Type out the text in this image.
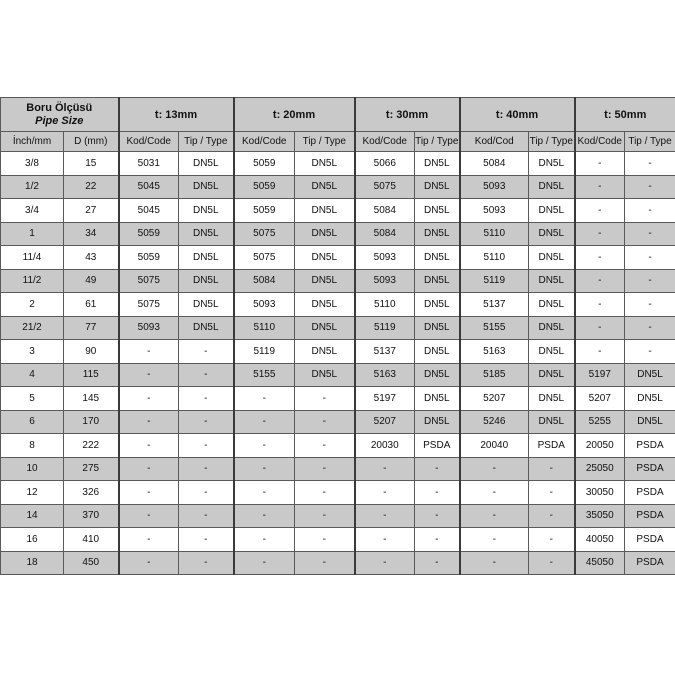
Boru Ölçüsü
Pipe Size		t: 13mm		t: 20mm		t: 30mm		t: 40mm		t: 50mm	
İnch/mm	D (mm)	Kod/Code	Tip / Type	Kod/Code	Tip / Type	Kod/Code	Tip / Type	Kod/Cod	Tip / Type	Kod/Code	Tip / Type
3/8	15	5031	DN5L	5059	DN5L	5066	DN5L	5084	DN5L	-	-
1/2	22	5045	DN5L	5059	DN5L	5075	DN5L	5093	DN5L	-	-
3/4	27	5045	DN5L	5059	DN5L	5084	DN5L	5093	DN5L	-	-
1	34	5059	DN5L	5075	DN5L	5084	DN5L	5110	DN5L	-	-
11/4	43	5059	DN5L	5075	DN5L	5093	DN5L	5110	DN5L	-	-
11/2	49	5075	DN5L	5084	DN5L	5093	DN5L	5119	DN5L	-	-
2	61	5075	DN5L	5093	DN5L	5110	DN5L	5137	DN5L	-	-
21/2	77	5093	DN5L	5110	DN5L	5119	DN5L	5155	DN5L	-	-
3	90	-	-	5119	DN5L	5137	DN5L	5163	DN5L	-	-
4	115	-	-	5155	DN5L	5163	DN5L	5185	DN5L	5197	DN5L
5	145	-	-	-	-	5197	DN5L	5207	DN5L	5207	DN5L
6	170	-	-	-	-	5207	DN5L	5246	DN5L	5255	DN5L
8	222	-	-	-	-	20030	PSDA	20040	PSDA	20050	PSDA
10	275	-	-	-	-	-	-	-	-	25050	PSDA
12	326	-	-	-	-	-	-	-	-	30050	PSDA
14	370	-	-	-	-	-	-	-	-	35050	PSDA
16	410	-	-	-	-	-	-	-	-	40050	PSDA
18	450	-	-	-	-	-	-	-	-	45050	PSDA
